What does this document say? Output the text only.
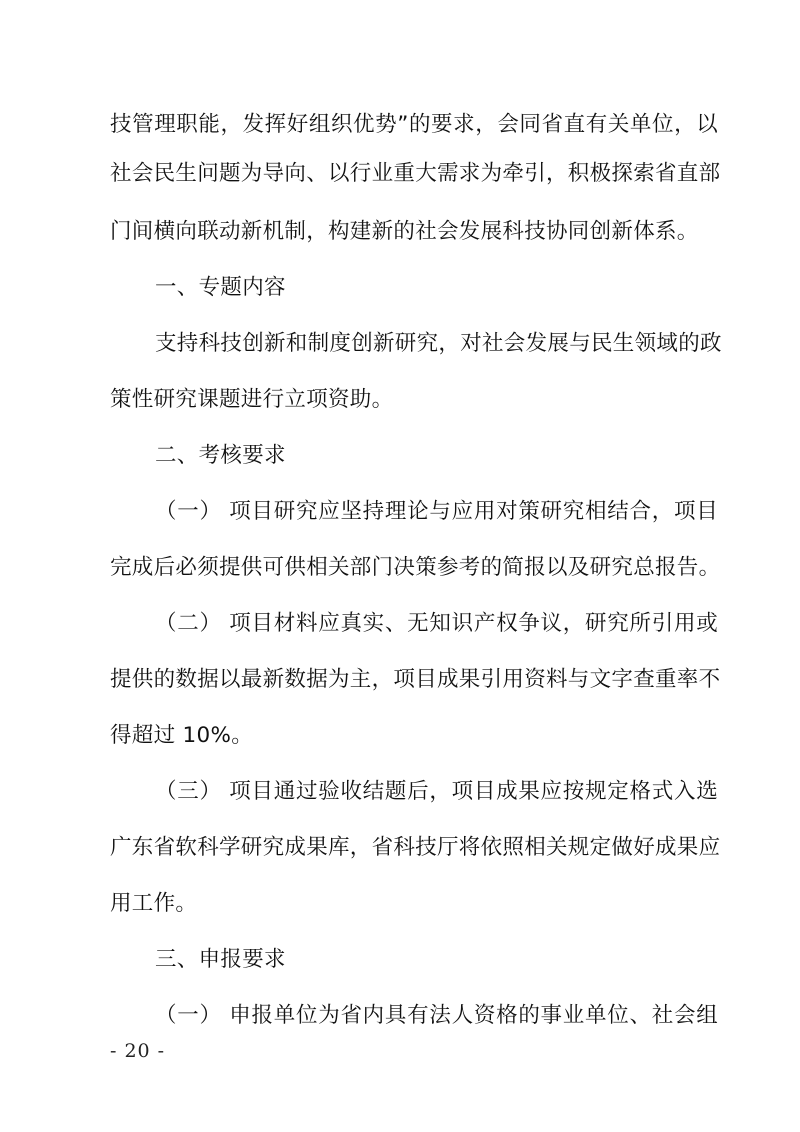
技管理职能，发挥好组织优势”的要求，会同省直有关单位，以
社会民生问题为导向、以行业重大需求为牵引，积极探索省直部
门间横向联动新机制，构建新的社会发展科技协同创新体系。
一、专题内容
支持科技创新和制度创新研究，对社会发展与民生领域的政
策性研究课题进行立项资助。
二、考核要求
（一） 项目研究应坚持理论与应用对策研究相结合，项目
完成后必须提供可供相关部门决策参考的简报以及研究总报告。
（二） 项目材料应真实、无知识产权争议，研究所引用或
提供的数据以最新数据为主，项目成果引用资料与文字查重率不
得超过 10%。
（三） 项目通过验收结题后，项目成果应按规定格式入选
广东省软科学研究成果库，省科技厅将依照相关规定做好成果应
用工作。
三、申报要求
（一） 申报单位为省内具有法人资格的事业单位、社会组
- 20 -
